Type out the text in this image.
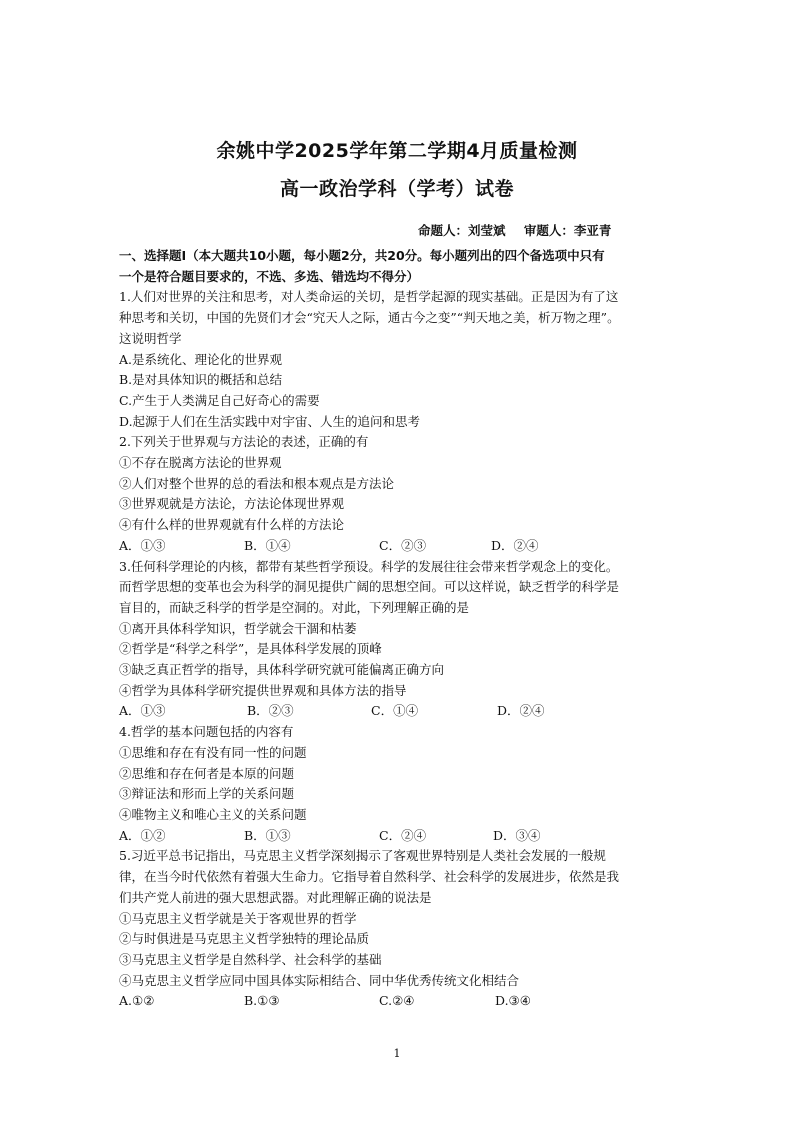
余姚中学2025学年第二学期4月质量检测
高一政治学科（学考）试卷
命题人：刘莹斌 审题人：李亚青
一、选择题Ⅰ（本大题共10小题，每小题2分，共20分。每小题列出的四个备选项中只有
一个是符合题目要求的，不选、多选、错选均不得分）
1.人们对世界的关注和思考，对人类命运的关切，是哲学起源的现实基础。正是因为有了这
种思考和关切，中国的先贤们才会“究天人之际，通古今之变”“判天地之美，析万物之理”。
这说明哲学
A.是系统化、理论化的世界观
B.是对具体知识的概括和总结
C.产生于人类满足自己好奇心的需要
D.起源于人们在生活实践中对宇宙、人生的追问和思考
2.下列关于世界观与方法论的表述，正确的有
①不存在脱离方法论的世界观
②人们对整个世界的总的看法和根本观点是方法论
③世界观就是方法论，方法论体现世界观
④有什么样的世界观就有什么样的方法论
A．①③	B．①④	C．②③	D．②④
3.任何科学理论的内核，都带有某些哲学预设。科学的发展往往会带来哲学观念上的变化。
而哲学思想的变革也会为科学的洞见提供广阔的思想空间。可以这样说，缺乏哲学的科学是
盲目的，而缺乏科学的哲学是空洞的。对此，下列理解正确的是
①离开具体科学知识，哲学就会干涸和枯萎
②哲学是“科学之科学”，是具体科学发展的顶峰
③缺乏真正哲学的指导，具体科学研究就可能偏离正确方向
④哲学为具体科学研究提供世界观和具体方法的指导
A．①③	B．②③	C．①④	D．②④
4.哲学的基本问题包括的内容有
①思维和存在有没有同一性的问题
②思维和存在何者是本原的问题
③辩证法和形而上学的关系问题
④唯物主义和唯心主义的关系问题
A．①②	B．①③	C．②④	D．③④
5.习近平总书记指出，马克思主义哲学深刻揭示了客观世界特别是人类社会发展的一般规
律，在当今时代依然有着强大生命力。它指导着自然科学、社会科学的发展进步，依然是我
们共产党人前进的强大思想武器。对此理解正确的说法是
①马克思主义哲学就是关于客观世界的哲学
②与时俱进是马克思主义哲学独特的理论品质
③马克思主义哲学是自然科学、社会科学的基础
④马克思主义哲学应同中国具体实际相结合、同中华优秀传统文化相结合
A.①②	B.①③	C.②④	D.③④
1
